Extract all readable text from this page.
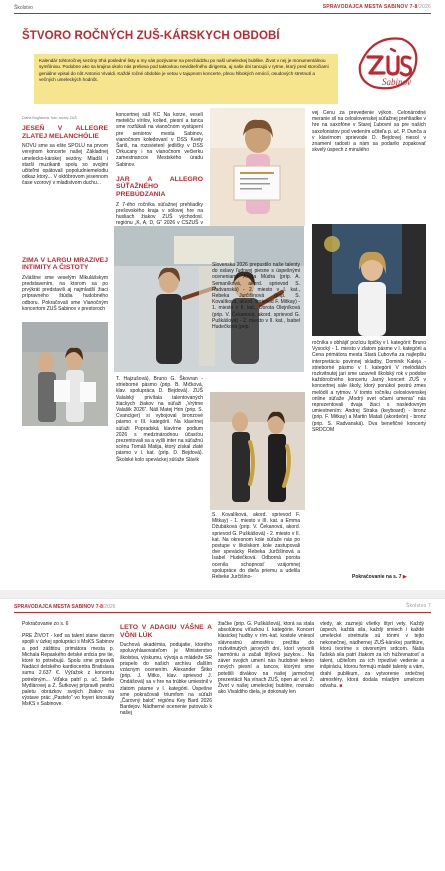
Školstvo	SPRAVODAJCA MESTA SABINOV 7-8/2026
ŠTVORO ROČNÝCH ZUŠ-KÁRSKYCH OBDOBÍ
Kalendár tohtoročnej sezóny trhá posledné listy a my vás pozývame na prechádzku po naší umeleckej bublike. Život v nej je monumentálnou symfóniou. Podobne ako sa krajina okolo nás prelieva pod taktovkou neviditeľného dirigenta, aj naše dni tancujú v rytme, ktorý pred storočiami geniálne vpisal do nôt Antonio Vivaldi. Každé ročné obdobie je vetou v tajupnom koncerte, plnou hlbokých emócií, osudových stretnutí a večných umeleckých hodnôt.	Sabinov
Diana Bogľarová, foto: archív ZUŠ
JESEŇ V ALLEGRE ZLATEJ MELANCHÓLIE

NOVU sme sa ešte SPOLU na prvom verejnom koncerte našej Základnej umelecko-kárskej sezóny. Mladší i starší muzikanti spolu so svojimi učiteľmi opätovali popoludniemelodiu odkaz ktorý... V októbrovom jesennom čase vzorový v mladistvom duchu...

ZIMA V LARGU MRAZIVEJ INTIMITY A ČISTOTY

Zvláštne sme veselým Mikulášskym predstavením, na ktorom sa po prvýkrát predstavili aj najmladší žiaci prípravného štúdia hudobného odboru. Pokračovali sme Vianočným koncertom ZUŠ Sabinov v prestoroch

koncertnej sálí KC Na korze, veselí meteliču vírilov, kolied, piesní a tanca sme rozfúkali na vianočnom vystúpení pre seniorov mesta Sabinov, vianočnom koledovaní v DSS Kvety Šariš, na rozsvietení jedličky v DSS Orkucany i na vianočnom večierku zamestnancov Mestského úradu Sabinov.

JAR A ALLEGRO SÚŤAŽNÉHO PREBÚDZANIA

Z 7-ého ročníka súťažnej prehliadky prešovského kraja v sólovej hre na husliach žiakov ZUŠ východosl. regiónu „K, A, D, G“ 2026 v CSZUŠ v

T. Hajzušová), Bruno G. Škovran - strieborné pásmo (prip. B. Mičková, klav. spolupráca D. Bejdová). ZUŠ Valalský privítala talentovaných žiackych žiakov na súťaži „Vrýtme Valašik 2026“. Náš Matej Hrin (prip. S. Cvanciger) si vybojoval bronzové pásmo v III. kategórii. Na klavírnej súťaži Popradská klavírne podium 2026 s medzinárodnou účasťou prezentovali sa a vyšli inter na súťažnú scénu Tomáš Matija, ktorý získal zlaté pásmo v I. kat. (prip. D. Bejdová). Školské kolo speváckej súťaže Slávik

Slovenska 2026 prepustilo naše talenty do oslavy ľudovej piesne s úspešnými oceneniami: Aneta Múdra (prip. A. Semaníková, akord. sprievod S. Radvanská) - 2. miesto v I. kat., Rebeka Jurčišinová (prip. S. Kovalíková, akord. sprievod F. Mitkay) - 1. miesto v II. kat., Dorota Olejníková (prip. V. Čekanová, akord. sprievod G. Puškášová) - 2. miesto v II. kat., Isabel Hudečková (prip.

S. Kovalíková, akord. sprievod F. Mitkay) - 1. miesto v III. kat. a Emma Džubáková (prip. V. Čekanová, akord. sprievod G. Puškášová) - 2. miesto v II. kat. Na okresnom kole súťaže nás po postupe v školskom kole zastupovali dve spevácky Rebeka Jurčišinová a Isabel Hudečková. Odborná porota ocenila schopnosť vzájomnej spolupráce do dieľa priemu a udelila Rebeke Jurčišino-

vej Cenu za prevedenie výkon. Celonárodné meranie sil na celoslovenskej súťažnej prehliadke v hre na saxofóne v Starej Ľubovni sa pre našich saxofonistov pod vedením učiteľa p. uč. P. Dunča a v klavírnom sprievode D. Bejdovej niesol v znamení radosti a nám sa podarilo zopakovať skvelý úspech z minulého

ročníka v obhájiť pozíciu špičky v I. kategórii: Bruno Vysocký - 1. miesto v zlatom pásme v I. kategórii a Cena primátora mesta Stará Ľubovňa za najlepšiu interpretáciu povinnej skladby, Dominik Kaleja - strieborné pásmo v I. kategórii V melódiách rozkvitnutej jari sme uzavreli školský rok v podobe každoročného koncertu Jarný koncert ZUŠ v koncertnej sále školy, ktorý ponúkol pestrú zmes melódií a rytmov. V tomto ročníku celoslovenskej online súťaže „Modrý svet očami umenia“ nás reprezentovali dvaja žiaci s nasledovným umiestnením: Andrej Straka (keyboard) - bronz (prip. F. Mitkay) a Martin Mataš (akordeón) - bronz (prip. S. Radvanská). Dva benefičné koncerty SRDCOM

Pokračovanie na s. 7 ▶
SPRAVODAJCA MESTA SABINOV 7-8/2026	Školstvo 7

Pokračovanie zo s. 6

PRE ŽIVOT - keď sa talent stane darom spojili v úzkej spolupráci s MsKS Sabinov a pod záštitou primátora mesta p. Michala Repaského detské srdcia pre tie, ktoré to potrebujú. Spolu sme pripravili Nadácii detského kardiocentra Bratislava sumu 2.637 €. Výťažok z koncertu potrebným... Vďaka patrí p. uč. Stelle Mydlárovej a Z. Šutkovej prípravili pestrú paletu obrázkov svojich žiakov na výstave prác „Pastelo“ vo foyeri kinosály MsKS v Sabinove.

LETO V ADAGIU VÁŠNE A VÔNI LÚK

Duchová akadémia, podujatie, ktorého spoluvyhlasovateľom je Ministerstvo školstva, výskumu, vývoja a mládeže SR prispelo do našich archívu ďalším vzácnym ocenením. Alexander Šitko (prip. J. Mitko, klav. sprievod J. Ondášová) sa v hre na trúbke umiestnil v zlatom pásme v I. kategórii. Úspešne sme pokračovali triumfom na súťaži „Čarovný balot“ regiónu Key Bard 2026 Bardejov. Nádherné ocenenie putovalo k našej

žiačke (prip. G. Puškášová), ktorá sa stala absolútnou víťazkou I. kategórie. Koncert klasickej hudby v rím.-kat. kostole vniesol slávnostnú atmosféru prežitia do rozkvitnutých jarových dní, ktorí vytvorili harmóniu a začali štýlovú jazykov... Na záver svojich umení nás hudobné teleso nových piesní a tancov, ktorými sme potešili divákov na našej jarmočnej prezentácii Na vínach ZUŠ, open air vol. 2. Život v našej umeleckej bubline, rovnako ako Vivaldiho diela, je dokonaly len

vtedy, ak zaznejú všetky štyri vety. Každý úspech, každá sila, každý smiech i každé umelecké stretnutie sú tónmi v tejto nekonečnej, nádhernej ZUŠ-kárskej partitúre, ktorú tvoríme s otvoreným srdcom. Naša ľudská sila patrí žiakom za ich húževnatosť a talent, učiteľom za ich trpezlivé vedenie a inšpiráciu, ktorou formujú mladé talenty a vám, drahí publikum, za vytvorenie srdečnej atmosféry, ktorá dodala mladým umelcom odvahu. ■
